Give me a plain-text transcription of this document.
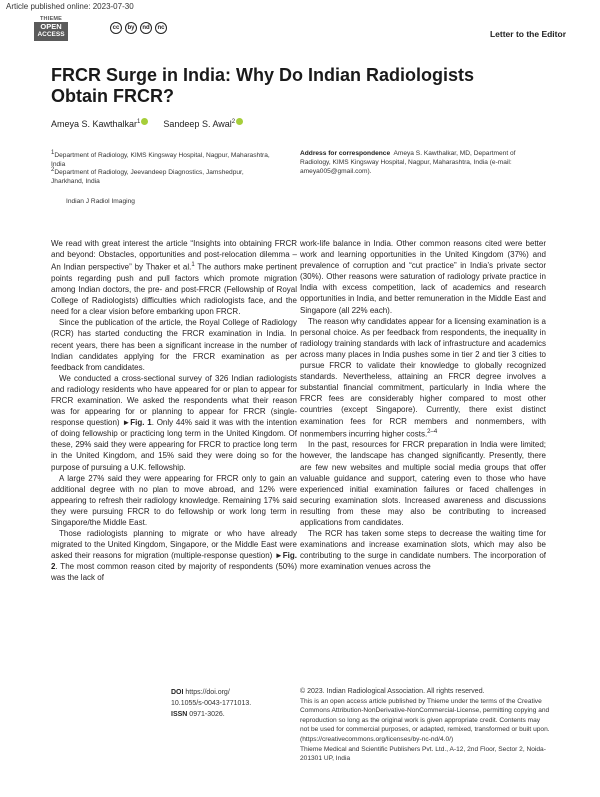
Article published online: 2023-07-30
THIEME
OPEN
ACCESS
cc	by	nd	nc
Letter to the Editor
FRCR Surge in India: Why Do Indian Radiologists Obtain FRCR?
Ameya S. Kawthalkar$^1$	Sandeep S. Awal$^2$
$^1$Department of Radiology, KIMS Kingsway Hospital, Nagpur, Maharashtra, India
$^2$Department of Radiology, Jeevandeep Diagnostics, Jamshedpur, Jharkhand, India
Indian J Radiol Imaging
Address for correspondence Ameya S. Kawthalkar, MD, Department of Radiology, KIMS Kingsway Hospital, Nagpur, Maharashtra, India (e-mail: ameya005@gmail.com).

We read with great interest the article “Insights into obtaining FRCR and beyond: Obstacles, opportunities and post-relocation dilemma – An Indian perspective” by Thaker et al.$^1$ The authors make pertinent points regarding push and pull factors which promote migration among Indian doctors, the pre- and post-FRCR (Fellowship of Royal College of Radiologists) difficulties which radiologists face, and the need for a clear vision before embarking upon FRCR.

Since the publication of the article, the Royal College of Radiology (RCR) has started conducting the FRCR examination in India. In recent years, there has been a significant increase in the number of Indian candidates applying for the FRCR examination as per feedback from candidates.

We conducted a cross-sectional survey of 326 Indian radiologists and radiology residents who have appeared for or plan to appear for FRCR examination. We asked the respondents what their reason was for appearing for or planning to appear for FRCR (single-response question) ►Fig. 1. Only 44% said it was with the intention of doing fellowship or practicing long term in the United Kingdom. Of these, 29% said they were appearing for FRCR to practice long term in the United Kingdom, and 15% said they were doing so for the purpose of pursuing a U.K. fellowship.

A large 27% said they were appearing for FRCR only to gain an additional degree with no plan to move abroad, and 12% were appearing to refresh their radiology knowledge. Remaining 17% said they were pursuing FRCR to do fellowship or work long term in Singapore/the Middle East.

Those radiologists planning to migrate or who have already migrated to the United Kingdom, Singapore, or the Middle East were asked their reasons for migration (multiple-response question) ►Fig. 2. The most common reason cited by majority of respondents (50%) was the lack of

work-life balance in India. Other common reasons cited were better work and learning opportunities in the United Kingdom (37%) and prevalence of corruption and “cut practice” in India’s private sector (30%). Other reasons were saturation of radiology private practice in India with excess competition, lack of academics and research opportunities in India, and better remuneration in the Middle East and Singapore (all 22% each).

The reason why candidates appear for a licensing examination is a personal choice. As per feedback from respondents, the inequality in radiology training standards with lack of infrastructure and academics across many places in India pushes some in tier 2 and tier 3 cities to pursue FRCR to validate their knowledge to globally recognized standards. Nevertheless, attaining an FRCR degree involves a substantial financial commitment, particularly in India where the FRCR fees are considerably higher compared to most other countries (except Singapore). Currently, there exist distinct examination fees for RCR members and nonmembers, with nonmembers incurring higher costs.$^{2-4}$

In the past, resources for FRCR preparation in India were limited; however, the landscape has changed significantly. Presently, there are few new websites and multiple social media groups that offer valuable guidance and support, catering even to those who have experienced initial examination failures or faced challenges in securing examination slots. Increased awareness and discussions resulting from these may also be contributing to increased applications from candidates.

The RCR has taken some steps to decrease the waiting time for examinations and increase examination slots, which may also be contributing to the surge in candidate numbers. The incorporation of more examination venues across the

DOI https://doi.org/
10.1055/s-0043-1771013.
ISSN 0971-3026.
© 2023. Indian Radiological Association. All rights reserved.
This is an open access article published by Thieme under the terms of the Creative Commons Attribution-NonDerivative-NonCommercial-License, permitting copying and reproduction so long as the original work is given appropriate credit. Contents may not be used for commercial purposes, or adapted, remixed, transformed or built upon. (https://creativecommons.org/licenses/by-nc-nd/4.0/)
Thieme Medical and Scientific Publishers Pvt. Ltd., A-12, 2nd Floor, Sector 2, Noida-201301 UP, India
